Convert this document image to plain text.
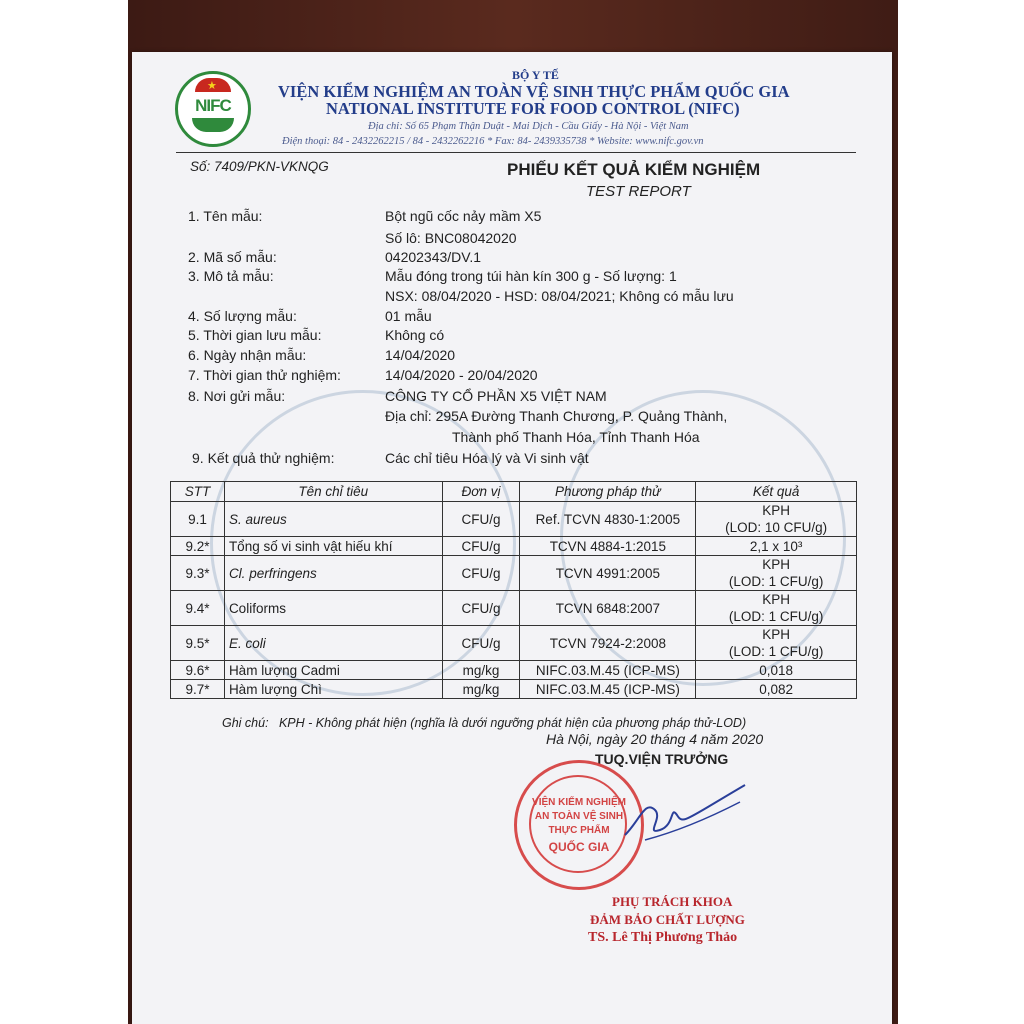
★
NIFC
BỘ Y TẾ
VIỆN KIỂM NGHIỆM AN TOÀN VỆ SINH THỰC PHẨM QUỐC GIA
NATIONAL INSTITUTE FOR FOOD CONTROL (NIFC)
Địa chỉ: Số 65 Phạm Thận Duật - Mai Dịch - Cầu Giấy - Hà Nội - Việt Nam
Điện thoại: 84 - 2432262215 / 84 - 2432262216 * Fax: 84- 2439335738 * Website: www.nifc.gov.vn
Số: 7409/PKN-VKNQG	PHIẾU KẾT QUẢ KIỂM NGHIỆM
TEST REPORT
1. Tên mẫu:	Bột ngũ cốc nảy mầm X5
Số lô: BNC08042020
2. Mã số mẫu:	04202343/DV.1
3. Mô tả mẫu:	Mẫu đóng trong túi hàn kín 300 g - Số lượng: 1
NSX: 08/04/2020 - HSD: 08/04/2021; Không có mẫu lưu
4. Số lượng mẫu:	01 mẫu
5. Thời gian lưu mẫu:	Không có
6. Ngày nhận mẫu:	14/04/2020
7. Thời gian thử nghiệm:	14/04/2020 - 20/04/2020
8. Nơi gửi mẫu:	CÔNG TY CỔ PHẦN X5 VIỆT NAM
Địa chỉ: 295A Đường Thanh Chương, P. Quảng Thành,
Thành phố Thanh Hóa, Tỉnh Thanh Hóa
9. Kết quả thử nghiệm:	Các chỉ tiêu Hóa lý và Vi sinh vật
STT	Tên chỉ tiêu	Đơn vị	Phương pháp thử	Kết quả
9.1	S. aureus	CFU/g	Ref. TCVN 4830-1:2005	KPH
(LOD: 10 CFU/g)

9.2*	Tổng số vi sinh vật hiếu khí	CFU/g	TCVN 4884-1:2015	2,1 x 10³

9.3*	Cl. perfringens	CFU/g	TCVN 4991:2005	KPH
(LOD: 1 CFU/g)

9.4*	Coliforms	CFU/g	TCVN 6848:2007	KPH
(LOD: 1 CFU/g)

9.5*	E. coli	CFU/g	TCVN 7924-2:2008	KPH
(LOD: 1 CFU/g)

9.6*	Hàm lượng Cadmi	mg/kg	NIFC.03.M.45 (ICP-MS)	0,018

9.7*	Hàm lượng Chì	mg/kg	NIFC.03.M.45 (ICP-MS)	0,082
Ghi chú:   KPH - Không phát hiện (nghĩa là dưới ngưỡng phát hiện của phương pháp thử-LOD)
Hà Nội, ngày 20 tháng 4 năm 2020
TUQ.VIỆN TRƯỞNG
VIỆN KIỂM NGHIỆM
AN TOÀN VỆ SINH
THỰC PHẨM
QUỐC GIA
PHỤ TRÁCH KHOA
ĐẢM BẢO CHẤT LƯỢNG
TS. Lê Thị Phương Thảo
